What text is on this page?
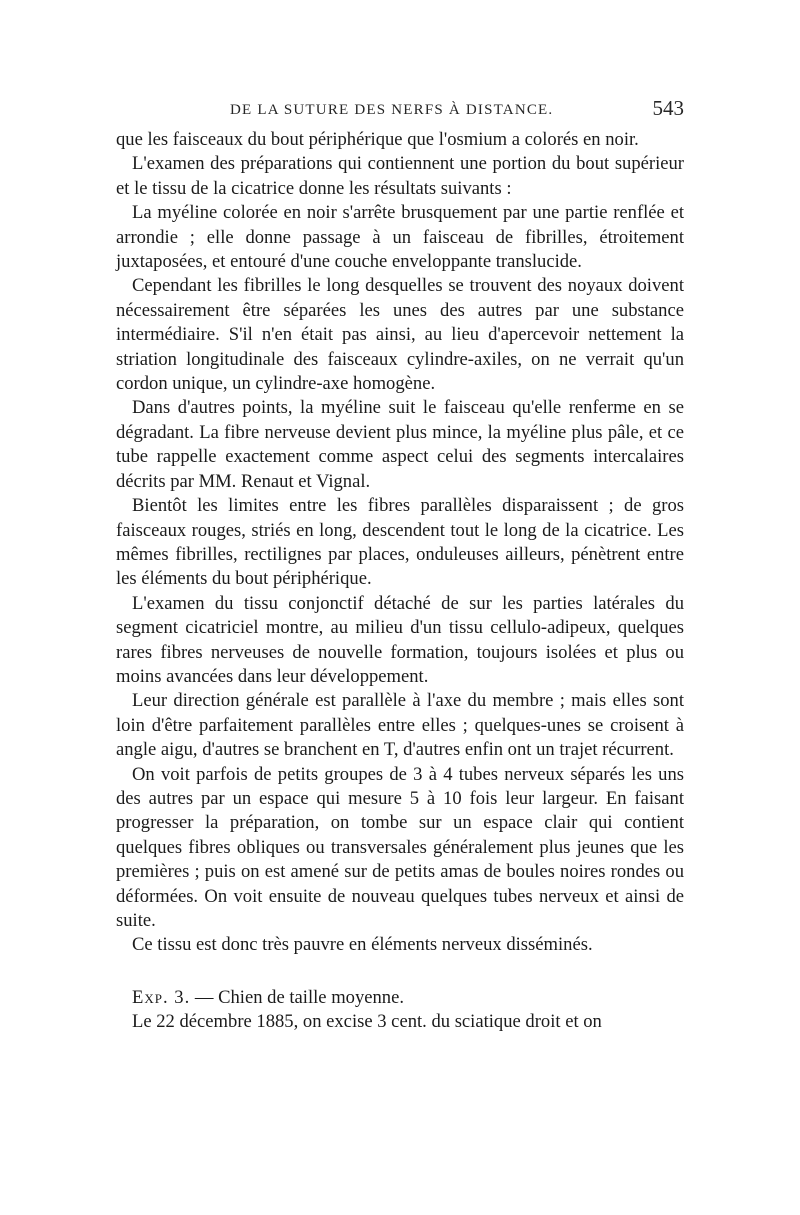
DE LA SUTURE DES NERFS À DISTANCE.	543

que les faisceaux du bout périphérique que l'osmium a colorés en noir.

L'examen des préparations qui contiennent une portion du bout supérieur et le tissu de la cicatrice donne les résultats suivants :

La myéline colorée en noir s'arrête brusquement par une partie renflée et arrondie ; elle donne passage à un faisceau de fibrilles, étroitement juxtaposées, et entouré d'une couche enveloppante translucide.

Cependant les fibrilles le long desquelles se trouvent des noyaux doivent nécessairement être séparées les unes des autres par une substance intermédiaire. S'il n'en était pas ainsi, au lieu d'apercevoir nettement la striation longitudinale des faisceaux cylindre-axiles, on ne verrait qu'un cordon unique, un cylindre-axe homogène.

Dans d'autres points, la myéline suit le faisceau qu'elle renferme en se dégradant. La fibre nerveuse devient plus mince, la myéline plus pâle, et ce tube rappelle exactement comme aspect celui des segments intercalaires décrits par MM. Renaut et Vignal.

Bientôt les limites entre les fibres parallèles disparaissent ; de gros faisceaux rouges, striés en long, descendent tout le long de la cicatrice. Les mêmes fibrilles, rectilignes par places, onduleuses ailleurs, pénètrent entre les éléments du bout périphérique.

L'examen du tissu conjonctif détaché de sur les parties latérales du segment cicatriciel montre, au milieu d'un tissu cellulo-adipeux, quelques rares fibres nerveuses de nouvelle formation, toujours isolées et plus ou moins avancées dans leur développement.

Leur direction générale est parallèle à l'axe du membre ; mais elles sont loin d'être parfaitement parallèles entre elles ; quelques-unes se croisent à angle aigu, d'autres se branchent en T, d'autres enfin ont un trajet récurrent.

On voit parfois de petits groupes de 3 à 4 tubes nerveux séparés les uns des autres par un espace qui mesure 5 à 10 fois leur largeur. En faisant progresser la préparation, on tombe sur un espace clair qui contient quelques fibres obliques ou transversales généralement plus jeunes que les premières ; puis on est amené sur de petits amas de boules noires rondes ou déformées. On voit ensuite de nouveau quelques tubes nerveux et ainsi de suite.

Ce tissu est donc très pauvre en éléments nerveux disséminés.

Exp. 3. — Chien de taille moyenne.

Le 22 décembre 1885, on excise 3 cent. du sciatique droit et on
